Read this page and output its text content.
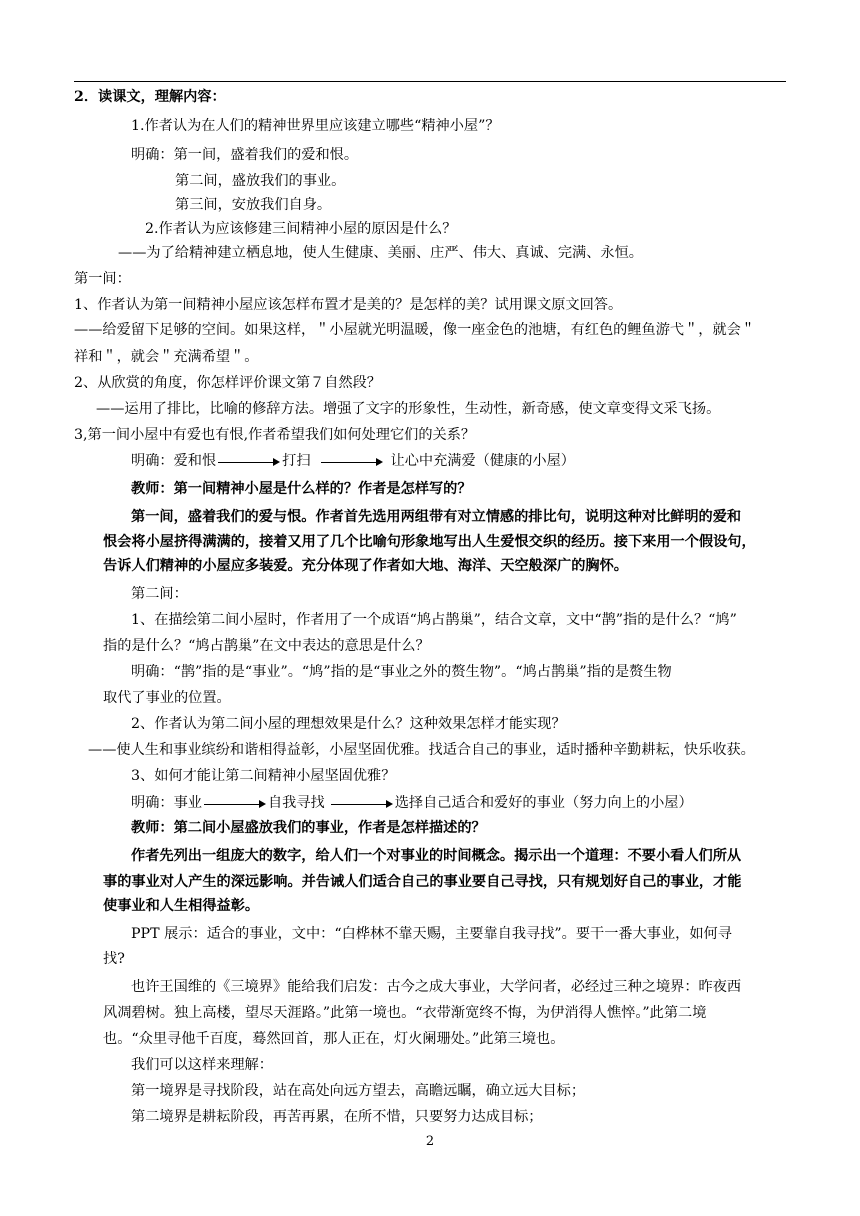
2．读课文，理解内容：
1.作者认为在人们的精神世界里应该建立哪些“精神小屋”？
明确：第一间，盛着我们的爱和恨。
第二间，盛放我们的事业。
第三间，安放我们自身。
2.作者认为应该修建三间精神小屋的原因是什么？
——为了给精神建立栖息地，使人生健康、美丽、庄严、伟大、真诚、完满、永恒。
第一间：
1、作者认为第一间精神小屋应该怎样布置才是美的？是怎样的美？试用课文原文回答。
——给爱留下足够的空间。如果这样，＂小屋就光明温暖，像一座金色的池塘，有红色的鲤鱼游弋＂，就会＂
祥和＂，就会＂充满希望＂。
2、从欣赏的角度，你怎样评价课文第７自然段？
——运用了排比，比喻的修辞方法。增强了文字的形象性，生动性，新奇感，使文章变得文采飞扬。
3,第一间小屋中有爱也有恨,作者希望我们如何处理它们的关系？
明确：爱和恨	打扫	让心中充满爱（健康的小屋）
教师：第一间精神小屋是什么样的？作者是怎样写的？
第一间，盛着我们的爱与恨。作者首先选用两组带有对立情感的排比句，说明这种对比鲜明的爱和
恨会将小屋挤得满满的，接着又用了几个比喻句形象地写出人生爱恨交织的经历。接下来用一个假设句，
告诉人们精神的小屋应多装爱。充分体现了作者如大地、海洋、天空般深广的胸怀。
第二间：
1、在描绘第二间小屋时，作者用了一个成语“鸠占鹊巢”，结合文章，文中“鹊”指的是什么？“鸠”
指的是什么？“鸠占鹊巢”在文中表达的意思是什么？
明确：“鹊”指的是“事业”。“鸠”指的是“事业之外的赘生物”。“鸠占鹊巢”指的是赘生物
取代了事业的位置。
2、作者认为第二间小屋的理想效果是什么？这种效果怎样才能实现？
——使人生和事业缤纷和谐相得益彰，小屋坚固优雅。找适合自己的事业，适时播种辛勤耕耘，快乐收获。
3、如何才能让第二间精神小屋坚固优雅？
明确：事业	自我寻找	选择自己适合和爱好的事业（努力向上的小屋）
教师：第二间小屋盛放我们的事业，作者是怎样描述的？
作者先列出一组庞大的数字，给人们一个对事业的时间概念。揭示出一个道理：不要小看人们所从
事的事业对人产生的深远影响。并告诫人们适合自己的事业要自己寻找，只有规划好自己的事业，才能
使事业和人生相得益彰。
PPT 展示：适合的事业，文中：“白桦林不靠天赐，主要靠自我寻找”。要干一番大事业，如何寻
找?
也许王国维的《三境界》能给我们启发：古今之成大事业，大学问者，必经过三种之境界：昨夜西
风凋碧树。独上高楼，望尽天涯路。”此第一境也。“衣带渐宽终不悔，为伊消得人憔悴。”此第二境
也。“众里寻他千百度，蓦然回首，那人正在，灯火阑珊处。”此第三境也。
我们可以这样来理解：
第一境界是寻找阶段，站在高处向远方望去，高瞻远瞩，确立远大目标；
第二境界是耕耘阶段，再苦再累，在所不惜，只要努力达成目标；
2
